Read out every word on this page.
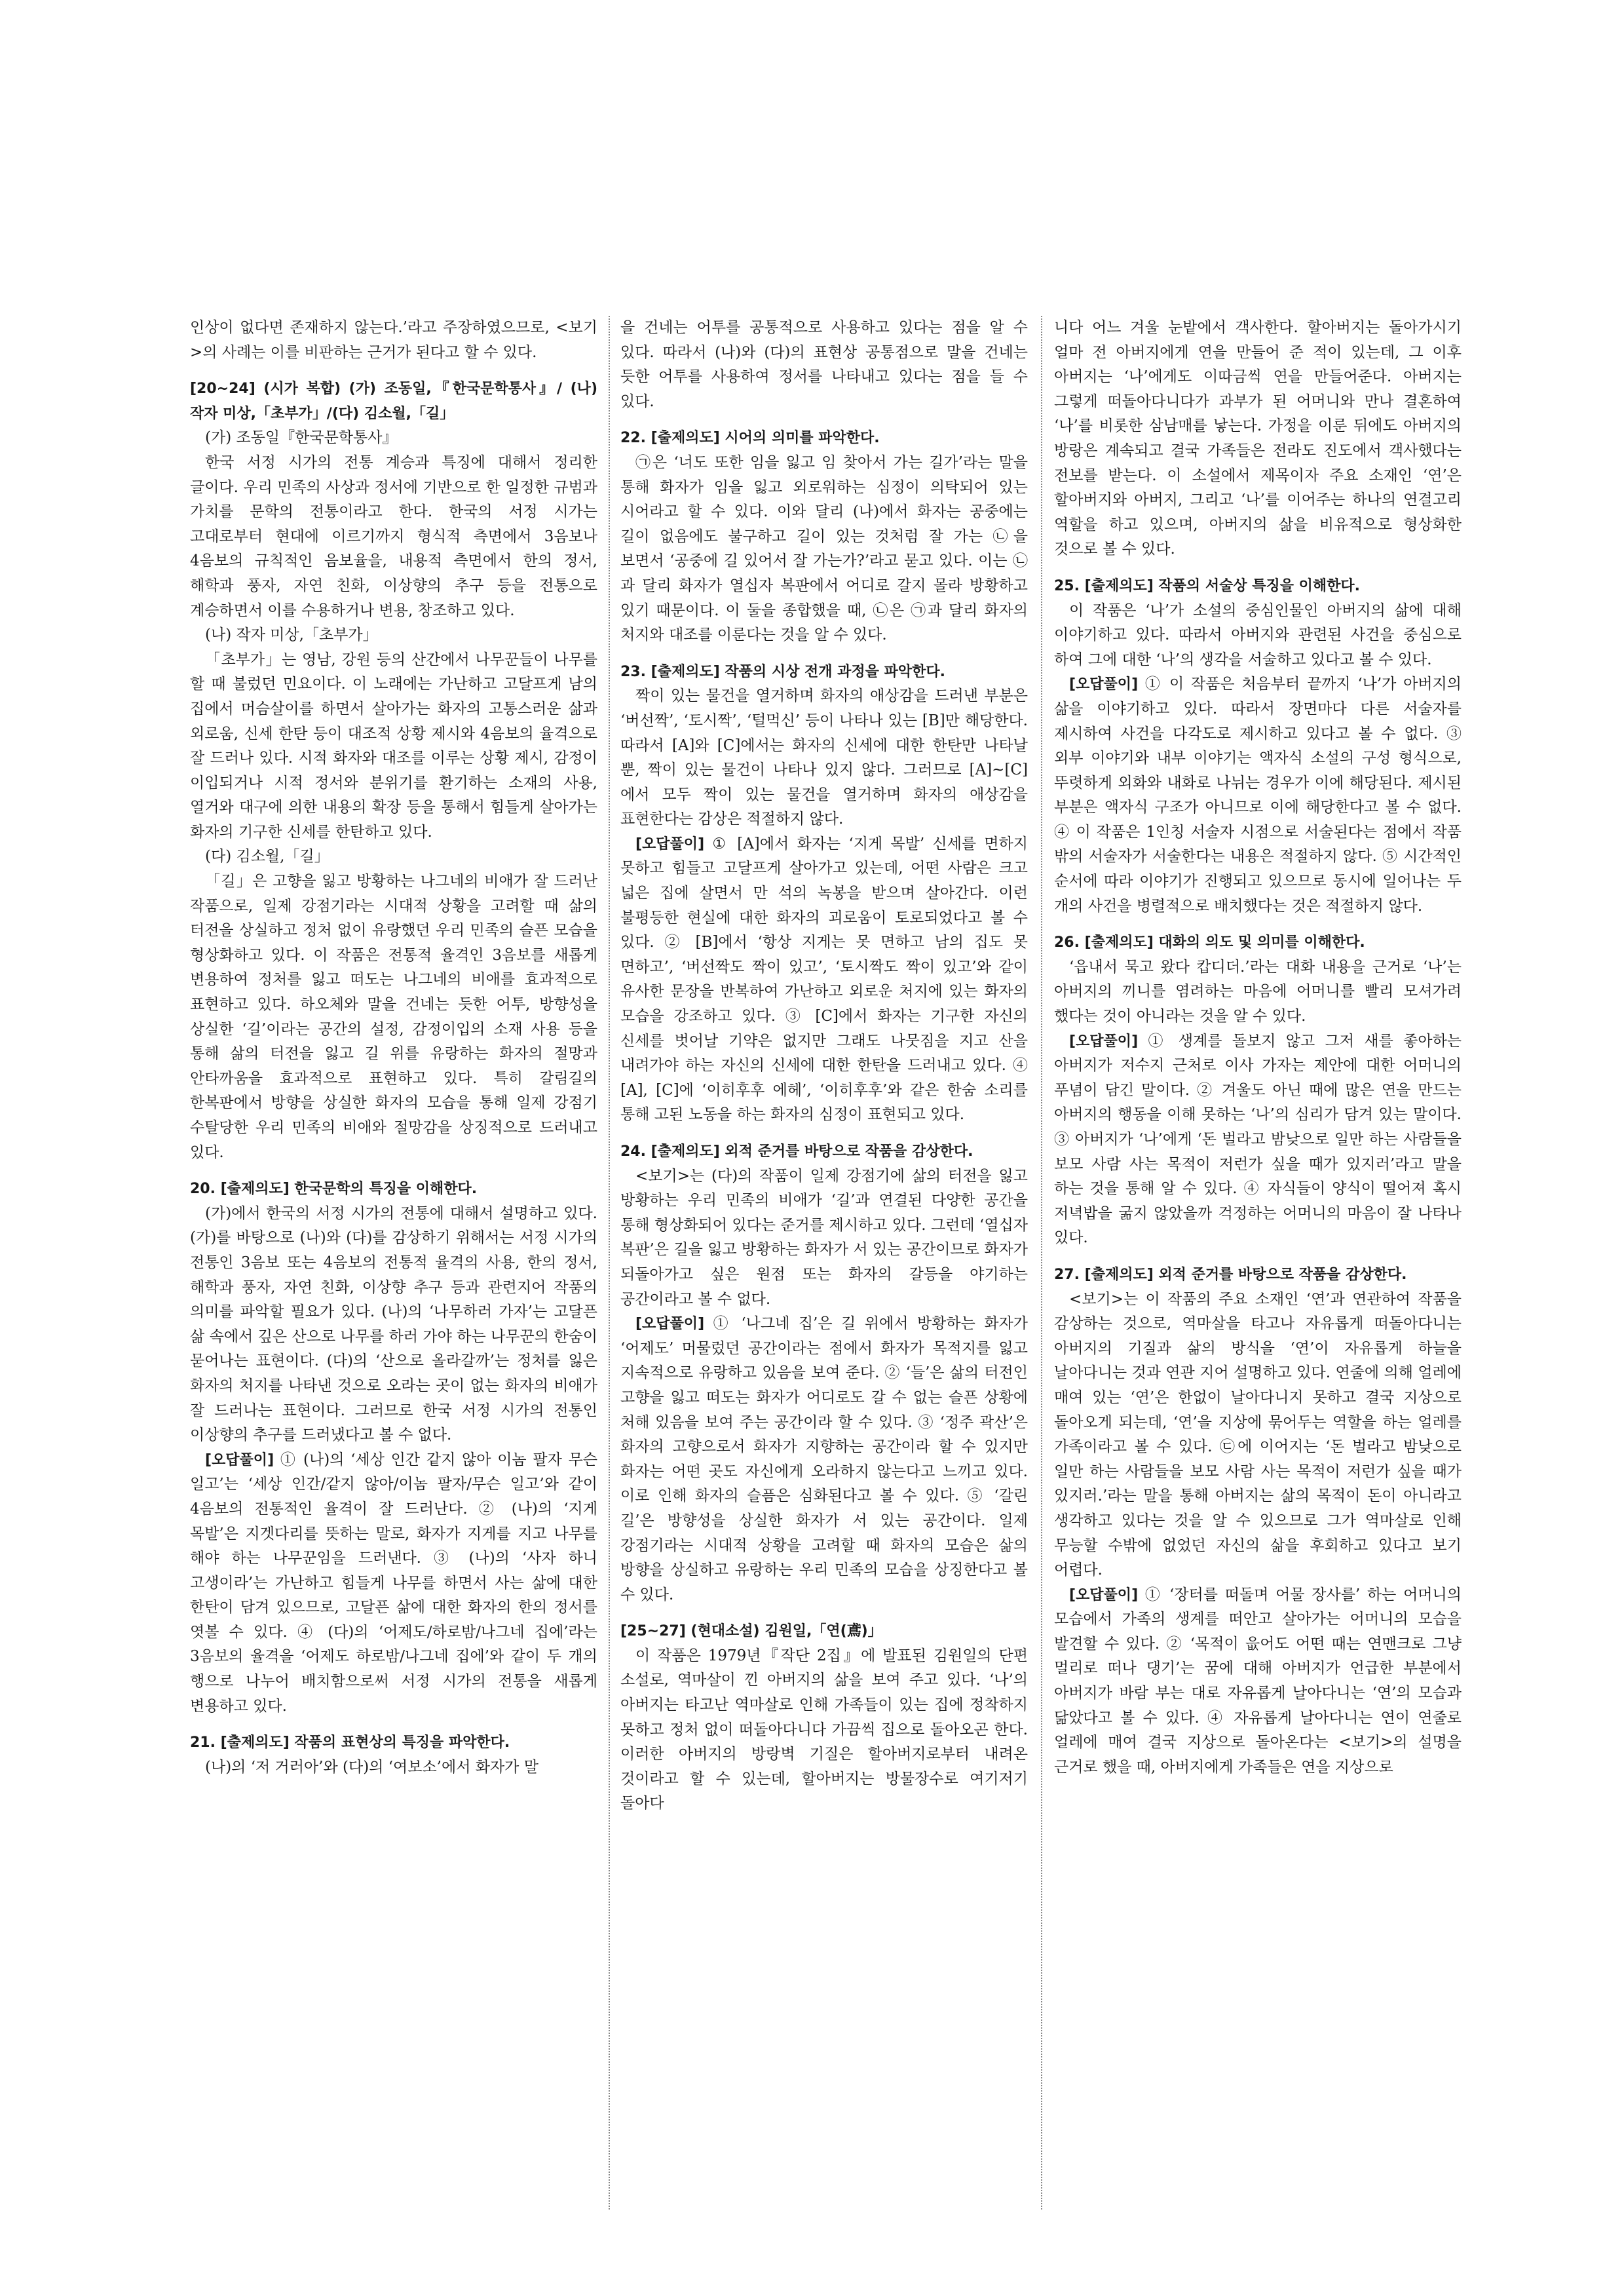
인상이 없다면 존재하지 않는다.’라고 주장하였으므로, <보기>의 사례는 이를 비판하는 근거가 된다고 할 수 있다.

[20~24] (시가 복합) (가) 조동일,『한국문학통사』/ (나) 작자 미상,「초부가」/(다) 김소월,「길」

(가) 조동일『한국문학통사』

한국 서정 시가의 전통 계승과 특징에 대해서 정리한 글이다. 우리 민족의 사상과 정서에 기반으로 한 일정한 규범과 가치를 문학의 전통이라고 한다. 한국의 서정 시가는 고대로부터 현대에 이르기까지 형식적 측면에서 3음보나 4음보의 규칙적인 음보율을, 내용적 측면에서 한의 정서, 해학과 풍자, 자연 친화, 이상향의 추구 등을 전통으로 계승하면서 이를 수용하거나 변용, 창조하고 있다.

(나) 작자 미상,「초부가」

「초부가」는 영남, 강원 등의 산간에서 나무꾼들이 나무를 할 때 불렀던 민요이다. 이 노래에는 가난하고 고달프게 남의 집에서 머슴살이를 하면서 살아가는 화자의 고통스러운 삶과 외로움, 신세 한탄 등이 대조적 상황 제시와 4음보의 율격으로 잘 드러나 있다. 시적 화자와 대조를 이루는 상황 제시, 감정이 이입되거나 시적 정서와 분위기를 환기하는 소재의 사용, 열거와 대구에 의한 내용의 확장 등을 통해서 힘들게 살아가는 화자의 기구한 신세를 한탄하고 있다.

(다) 김소월,「길」

「길」은 고향을 잃고 방황하는 나그네의 비애가 잘 드러난 작품으로, 일제 강점기라는 시대적 상황을 고려할 때 삶의 터전을 상실하고 정처 없이 유랑했던 우리 민족의 슬픈 모습을 형상화하고 있다. 이 작품은 전통적 율격인 3음보를 새롭게 변용하여 정처를 잃고 떠도는 나그네의 비애를 효과적으로 표현하고 있다. 하오체와 말을 건네는 듯한 어투, 방향성을 상실한 ‘길’이라는 공간의 설정, 감정이입의 소재 사용 등을 통해 삶의 터전을 잃고 길 위를 유랑하는 화자의 절망과 안타까움을 효과적으로 표현하고 있다. 특히 갈림길의 한복판에서 방향을 상실한 화자의 모습을 통해 일제 강점기 수탈당한 우리 민족의 비애와 절망감을 상징적으로 드러내고 있다.

20. [출제의도] 한국문학의 특징을 이해한다.

(가)에서 한국의 서정 시가의 전통에 대해서 설명하고 있다. (가)를 바탕으로 (나)와 (다)를 감상하기 위해서는 서정 시가의 전통인 3음보 또는 4음보의 전통적 율격의 사용, 한의 정서, 해학과 풍자, 자연 친화, 이상향 추구 등과 관련지어 작품의 의미를 파악할 필요가 있다. (나)의 ‘나무하러 가자’는 고달픈 삶 속에서 깊은 산으로 나무를 하러 가야 하는 나무꾼의 한숨이 묻어나는 표현이다. (다)의 ‘산으로 올라갈까’는 정처를 잃은 화자의 처지를 나타낸 것으로 오라는 곳이 없는 화자의 비애가 잘 드러나는 표현이다. 그러므로 한국 서정 시가의 전통인 이상향의 추구를 드러냈다고 볼 수 없다.

[오답풀이] ① (나)의 ‘세상 인간 같지 않아 이놈 팔자 무슨 일고’는 ‘세상 인간/같지 않아/이놈 팔자/무슨 일고’와 같이 4음보의 전통적인 율격이 잘 드러난다. ② (나)의 ‘지게 목발’은 지겟다리를 뜻하는 말로, 화자가 지게를 지고 나무를 해야 하는 나무꾼임을 드러낸다. ③ (나)의 ‘사자 하니 고생이라’는 가난하고 힘들게 나무를 하면서 사는 삶에 대한 한탄이 담겨 있으므로, 고달픈 삶에 대한 화자의 한의 정서를 엿볼 수 있다. ④ (다)의 ‘어제도/하로밤/나그네 집에’라는 3음보의 율격을 ‘어제도 하로밤/나그네 집에’와 같이 두 개의 행으로 나누어 배치함으로써 서정 시가의 전통을 새롭게 변용하고 있다.

21. [출제의도] 작품의 표현상의 특징을 파악한다.

(나)의 ‘저 거러아’와 (다)의 ‘여보소’에서 화자가 말

을 건네는 어투를 공통적으로 사용하고 있다는 점을 알 수 있다. 따라서 (나)와 (다)의 표현상 공통점으로 말을 건네는 듯한 어투를 사용하여 정서를 나타내고 있다는 점을 들 수 있다.

22. [출제의도] 시어의 의미를 파악한다.

㉠은 ‘너도 또한 임을 잃고 임 찾아서 가는 길가’라는 말을 통해 화자가 임을 잃고 외로워하는 심정이 의탁되어 있는 시어라고 할 수 있다. 이와 달리 (나)에서 화자는 공중에는 길이 없음에도 불구하고 길이 있는 것처럼 잘 가는 ㉡을 보면서 ‘공중에 길 있어서 잘 가는가?’라고 묻고 있다. 이는 ㉡과 달리 화자가 열십자 복판에서 어디로 갈지 몰라 방황하고 있기 때문이다. 이 둘을 종합했을 때, ㉡은 ㉠과 달리 화자의 처지와 대조를 이룬다는 것을 알 수 있다.

23. [출제의도] 작품의 시상 전개 과정을 파악한다.

짝이 있는 물건을 열거하며 화자의 애상감을 드러낸 부분은 ‘버선짝’, ‘토시짝’, ‘털먹신’ 등이 나타나 있는 [B]만 해당한다. 따라서 [A]와 [C]에서는 화자의 신세에 대한 한탄만 나타날 뿐, 짝이 있는 물건이 나타나 있지 않다. 그러므로 [A]~[C]에서 모두 짝이 있는 물건을 열거하며 화자의 애상감을 표현한다는 감상은 적절하지 않다.

[오답풀이] ① [A]에서 화자는 ‘지게 목발’ 신세를 면하지 못하고 힘들고 고달프게 살아가고 있는데, 어떤 사람은 크고 넓은 집에 살면서 만 석의 녹봉을 받으며 살아간다. 이런 불평등한 현실에 대한 화자의 괴로움이 토로되었다고 볼 수 있다. ② [B]에서 ‘항상 지게는 못 면하고 남의 집도 못 면하고’, ‘버선짝도 짝이 있고’, ‘토시짝도 짝이 있고’와 같이 유사한 문장을 반복하여 가난하고 외로운 처지에 있는 화자의 모습을 강조하고 있다. ③ [C]에서 화자는 기구한 자신의 신세를 벗어날 기약은 없지만 그래도 나뭇짐을 지고 산을 내려가야 하는 자신의 신세에 대한 한탄을 드러내고 있다. ④ [A], [C]에 ‘이히후후 에헤’, ‘이히후후’와 같은 한숨 소리를 통해 고된 노동을 하는 화자의 심정이 표현되고 있다.

24. [출제의도] 외적 준거를 바탕으로 작품을 감상한다.

<보기>는 (다)의 작품이 일제 강점기에 삶의 터전을 잃고 방황하는 우리 민족의 비애가 ‘길’과 연결된 다양한 공간을 통해 형상화되어 있다는 준거를 제시하고 있다. 그런데 ‘열십자 복판’은 길을 잃고 방황하는 화자가 서 있는 공간이므로 화자가 되돌아가고 싶은 원점 또는 화자의 갈등을 야기하는 공간이라고 볼 수 없다.

[오답풀이] ① ‘나그네 집’은 길 위에서 방황하는 화자가 ‘어제도’ 머물렀던 공간이라는 점에서 화자가 목적지를 잃고 지속적으로 유랑하고 있음을 보여 준다. ② ‘들’은 삶의 터전인 고향을 잃고 떠도는 화자가 어디로도 갈 수 없는 슬픈 상황에 처해 있음을 보여 주는 공간이라 할 수 있다. ③ ‘정주 곽산’은 화자의 고향으로서 화자가 지향하는 공간이라 할 수 있지만 화자는 어떤 곳도 자신에게 오라하지 않는다고 느끼고 있다. 이로 인해 화자의 슬픔은 심화된다고 볼 수 있다. ⑤ ‘갈린 길’은 방향성을 상실한 화자가 서 있는 공간이다. 일제 강점기라는 시대적 상황을 고려할 때 화자의 모습은 삶의 방향을 상실하고 유랑하는 우리 민족의 모습을 상징한다고 볼 수 있다.

[25~27] (현대소설) 김원일,「연(鳶)」

이 작품은 1979년『작단 2집』에 발표된 김원일의 단편 소설로, 역마살이 낀 아버지의 삶을 보여 주고 있다. ‘나’의 아버지는 타고난 역마살로 인해 가족들이 있는 집에 정착하지 못하고 정처 없이 떠돌아다니다 가끔씩 집으로 돌아오곤 한다. 이러한 아버지의 방랑벽 기질은 할아버지로부터 내려온 것이라고 할 수 있는데, 할아버지는 방물장수로 여기저기 돌아다

니다 어느 겨울 눈밭에서 객사한다. 할아버지는 돌아가시기 얼마 전 아버지에게 연을 만들어 준 적이 있는데, 그 이후 아버지는 ‘나’에게도 이따금씩 연을 만들어준다. 아버지는 그렇게 떠돌아다니다가 과부가 된 어머니와 만나 결혼하여 ‘나’를 비롯한 삼남매를 낳는다. 가정을 이룬 뒤에도 아버지의 방랑은 계속되고 결국 가족들은 전라도 진도에서 객사했다는 전보를 받는다. 이 소설에서 제목이자 주요 소재인 ‘연’은 할아버지와 아버지, 그리고 ‘나’를 이어주는 하나의 연결고리 역할을 하고 있으며, 아버지의 삶을 비유적으로 형상화한 것으로 볼 수 있다.

25. [출제의도] 작품의 서술상 특징을 이해한다.

이 작품은 ‘나’가 소설의 중심인물인 아버지의 삶에 대해 이야기하고 있다. 따라서 아버지와 관련된 사건을 중심으로 하여 그에 대한 ‘나’의 생각을 서술하고 있다고 볼 수 있다.

[오답풀이] ① 이 작품은 처음부터 끝까지 ‘나’가 아버지의 삶을 이야기하고 있다. 따라서 장면마다 다른 서술자를 제시하여 사건을 다각도로 제시하고 있다고 볼 수 없다. ③ 외부 이야기와 내부 이야기는 액자식 소설의 구성 형식으로, 뚜렷하게 외화와 내화로 나뉘는 경우가 이에 해당된다. 제시된 부분은 액자식 구조가 아니므로 이에 해당한다고 볼 수 없다. ④ 이 작품은 1인칭 서술자 시점으로 서술된다는 점에서 작품 밖의 서술자가 서술한다는 내용은 적절하지 않다. ⑤ 시간적인 순서에 따라 이야기가 진행되고 있으므로 동시에 일어나는 두 개의 사건을 병렬적으로 배치했다는 것은 적절하지 않다.

26. [출제의도] 대화의 의도 및 의미를 이해한다.

‘읍내서 묵고 왔다 캅디더.’라는 대화 내용을 근거로 ‘나’는 아버지의 끼니를 염려하는 마음에 어머니를 빨리 모셔가려 했다는 것이 아니라는 것을 알 수 있다.

[오답풀이] ① 생계를 돌보지 않고 그저 새를 좋아하는 아버지가 저수지 근처로 이사 가자는 제안에 대한 어머니의 푸념이 담긴 말이다. ② 겨울도 아닌 때에 많은 연을 만드는 아버지의 행동을 이해 못하는 ‘나’의 심리가 담겨 있는 말이다. ③ 아버지가 ‘나’에게 ‘돈 벌라고 밤낮으로 일만 하는 사람들을 보모 사람 사는 목적이 저런가 싶을 때가 있지러’라고 말을 하는 것을 통해 알 수 있다. ④ 자식들이 양식이 떨어져 혹시 저녁밥을 굶지 않았을까 걱정하는 어머니의 마음이 잘 나타나 있다.

27. [출제의도] 외적 준거를 바탕으로 작품을 감상한다.

<보기>는 이 작품의 주요 소재인 ‘연’과 연관하여 작품을 감상하는 것으로, 역마살을 타고나 자유롭게 떠돌아다니는 아버지의 기질과 삶의 방식을 ‘연’이 자유롭게 하늘을 날아다니는 것과 연관 지어 설명하고 있다. 연줄에 의해 얼레에 매여 있는 ‘연’은 한없이 날아다니지 못하고 결국 지상으로 돌아오게 되는데, ‘연’을 지상에 묶어두는 역할을 하는 얼레를 가족이라고 볼 수 있다. ㉢에 이어지는 ‘돈 벌라고 밤낮으로 일만 하는 사람들을 보모 사람 사는 목적이 저런가 싶을 때가 있지러.’라는 말을 통해 아버지는 삶의 목적이 돈이 아니라고 생각하고 있다는 것을 알 수 있으므로 그가 역마살로 인해 무능할 수밖에 없었던 자신의 삶을 후회하고 있다고 보기 어렵다.

[오답풀이] ① ‘장터를 떠돌며 어물 장사를’ 하는 어머니의 모습에서 가족의 생계를 떠안고 살아가는 어머니의 모습을 발견할 수 있다. ② ‘목적이 읎어도 어떤 때는 연맨크로 그냥 멀리로 떠나 댕기’는 꿈에 대해 아버지가 언급한 부분에서 아버지가 바람 부는 대로 자유롭게 날아다니는 ‘연’의 모습과 닮았다고 볼 수 있다. ④ 자유롭게 날아다니는 연이 연줄로 얼레에 매여 결국 지상으로 돌아온다는 <보기>의 설명을 근거로 했을 때, 아버지에게 가족들은 연을 지상으로
